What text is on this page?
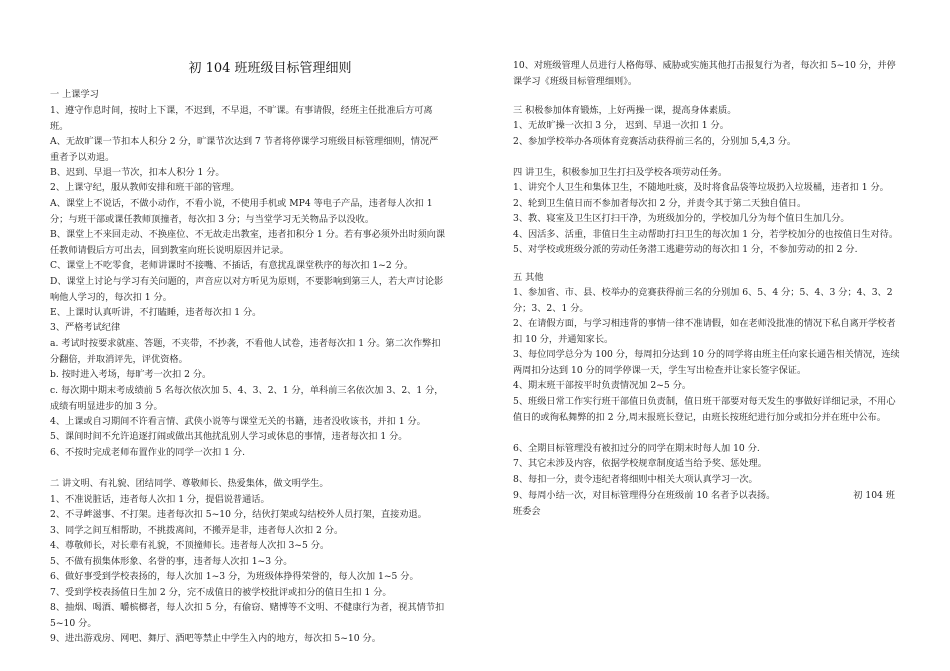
初 104 班班级目标管理细则
一 上课学习
1、遵守作息时间，按时上下课，不迟到，不早退，不旷课。有事请假，经班主任批准后方可离班。
A、无故旷课一节扣本人积分 2 分，旷课节次达到 7 节者将停课学习班级目标管理细则，情况严重者予以劝退。
B、迟到、早退一节次，扣本人积分 1 分。
2、上课守纪，服从教师安排和班干部的管理。
A、课堂上不说话，不做小动作，不看小说，不使用手机或 MP4 等电子产品，违者每人次扣 1 分；与班干部或课任教师顶撞者，每次扣 3 分；与当堂学习无关物品予以没收。
B、课堂上不来回走动、不换座位、不无故走出教室，违者扣积分 1 分。若有事必须外出时须向课任教师请假后方可出去，回到教室向班长说明原因并记录。
C、课堂上不吃零食，老师讲课时不接嘴、不插话，有意扰乱课堂秩序的每次扣 1~2 分。
D、课堂上讨论与学习有关问题的，声音应以对方听见为原则，不要影响到第三人，若大声讨论影响他人学习的，每次扣 1 分。
E、上课时认真听讲，不打瞌睡，违者每次扣 1 分。
3、严格考试纪律
a. 考试时按要求就座、答题，不夹带，不抄袭，不看他人试卷，违者每次扣 1 分。第二次作弊扣分翻倍，并取消评先，评优资格。
b. 按时进入考场，每旷考一次扣 2 分。
c. 每次期中期末考成绩前 5 名每次依次加 5、4、3、2、1 分，单科前三名依次加 3、2、1 分，成绩有明显进步的加 3 分。
4、上课或自习期间不许看言情、武侠小说等与课堂无关的书籍，违者没收该书，并扣 1 分。
5、课间时间不允许追逐打闹或做出其他扰乱别人学习或休息的事情，违者每次扣 1 分。
6、不按时完成老师布置作业的同学一次扣 1 分.
二 讲文明、有礼貌、团结同学、尊敬师长、热爱集体，做文明学生。
1、不准说脏话，违者每人次扣 1 分，提倡说普通话。
2、不寻衅滋事、不打架。违者每次扣 5~10 分，结伙打架或勾结校外人员打架，直接劝退。
3、同学之间互相帮助，不挑拨离间，不搬弄是非，违者每人次扣 2 分。
4、尊敬师长，对长辈有礼貌，不顶撞师长。违者每人次扣 3~5 分。
5、不做有损集体形象、名誉的事，违者每人次扣 1~3 分。
6、做好事受到学校表扬的，每人次加 1~3 分，为班级体挣得荣誉的，每人次加 1~5 分。
7、受到学校表扬值日生加 2 分，完不成值日的被学校批评或扣分的值日生扣 1 分。
8、抽烟、喝酒、嚼槟榔者，每人次扣 5 分，有偷窃、赌博等不文明、不健康行为者，视其情节扣 5~10 分。
9、进出游戏房、网吧、舞厅、酒吧等禁止中学生入内的地方，每次扣 5~10 分。
10、对班级管理人员进行人格侮辱、威胁或实施其他打击报复行为者，每次扣 5~10 分，并停课学习《班级目标管理细则》。
三 积极参加体育锻炼，上好两操一课，提高身体素质。
1、无故旷操一次扣 3 分， 迟到、早退一次扣 1 分。
2、参加学校举办各项体育竞赛活动获得前三名的，分别加 5,4,3 分。
四 讲卫生，积极参加卫生打扫及学校各项劳动任务。
1、讲究个人卫生和集体卫生，不随地吐痰，及时将食品袋等垃圾扔入垃圾桶，违者扣 1 分。
2、轮到卫生值日而不参加者每次扣 2 分，并责令其于第二天独自值日。
3、教、寝室及卫生区打扫干净，为班级加分的，学校加几分为每个值日生加几分。
4、因活多、活重，非值日生主动帮助打扫卫生的每次加 1 分，若学校加分的也按值日生对待。
5、对学校或班级分派的劳动任务潜工逃避劳动的每次扣 1 分，不参加劳动的扣 2 分.
五 其他
1、参加省、市、县、校举办的竞赛获得前三名的分别加 6、5、4 分；5、4、3 分；4、3、2 分；3、2、1 分。
2、在请假方面，与学习相违背的事情一律不准请假，如在老师没批准的情况下私自离开学校者扣 10 分，并通知家长。
3、每位同学总分为 100 分，每周扣分达到 10 分的同学将由班主任向家长通告相关情况，连续两周扣分达到 10 分的同学停课一天，学生写出检查并让家长签字保证。
4、期末班干部按平时负责情况加 2~5 分。
5、班级日常工作实行班干部值日负责制，值日班干部要对每天发生的事做好详细记录，不用心值日的或徇私舞弊的扣 2 分,周末报班长登记，由班长按班纪进行加分或扣分并在班中公布。
6、全期目标管理没有被扣过分的同学在期末时每人加 10 分.
7、其它未涉及内容，依据学校规章制度适当给予奖、惩处理。
8、每扣一分，责令违纪者将细则中相关大项认真学习一次。
9、每周小结一次，对目标管理得分在班级前 10 名者予以表扬。	初 104 班
班委会
